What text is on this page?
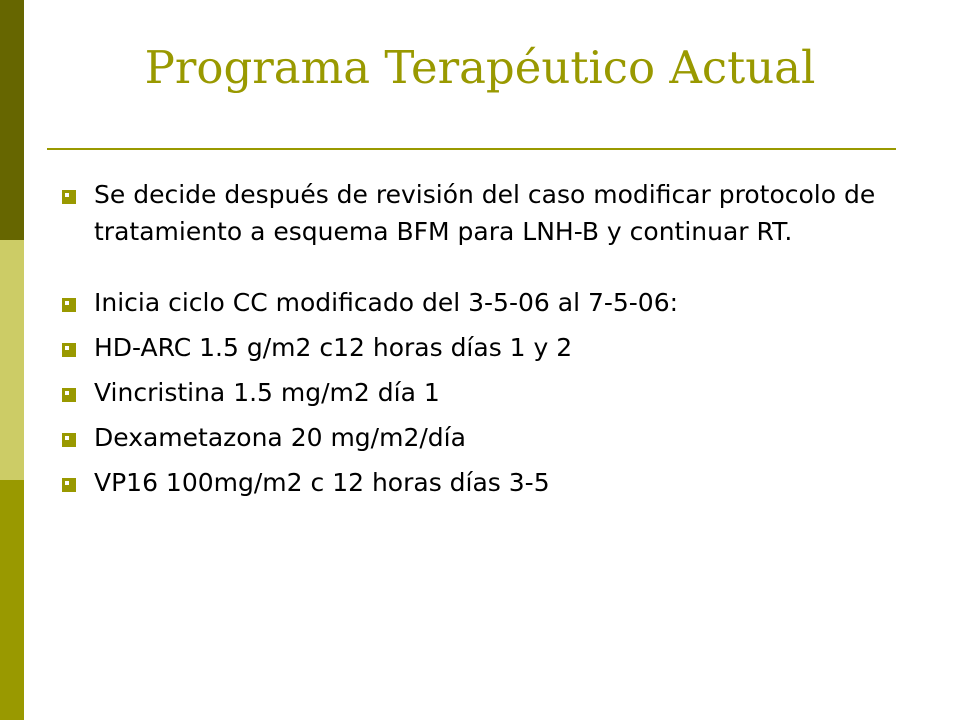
Programa Terapéutico Actual
Se decide después de revisión del caso modificar protocolo de tratamiento a esquema BFM para LNH-B y continuar RT.
Inicia ciclo CC modificado del 3-5-06 al 7-5-06:
HD-ARC 1.5 g/m2 c12 horas días 1 y 2
Vincristina 1.5 mg/m2 día 1
Dexametazona 20 mg/m2/día
VP16 100mg/m2 c 12 horas días 3-5
